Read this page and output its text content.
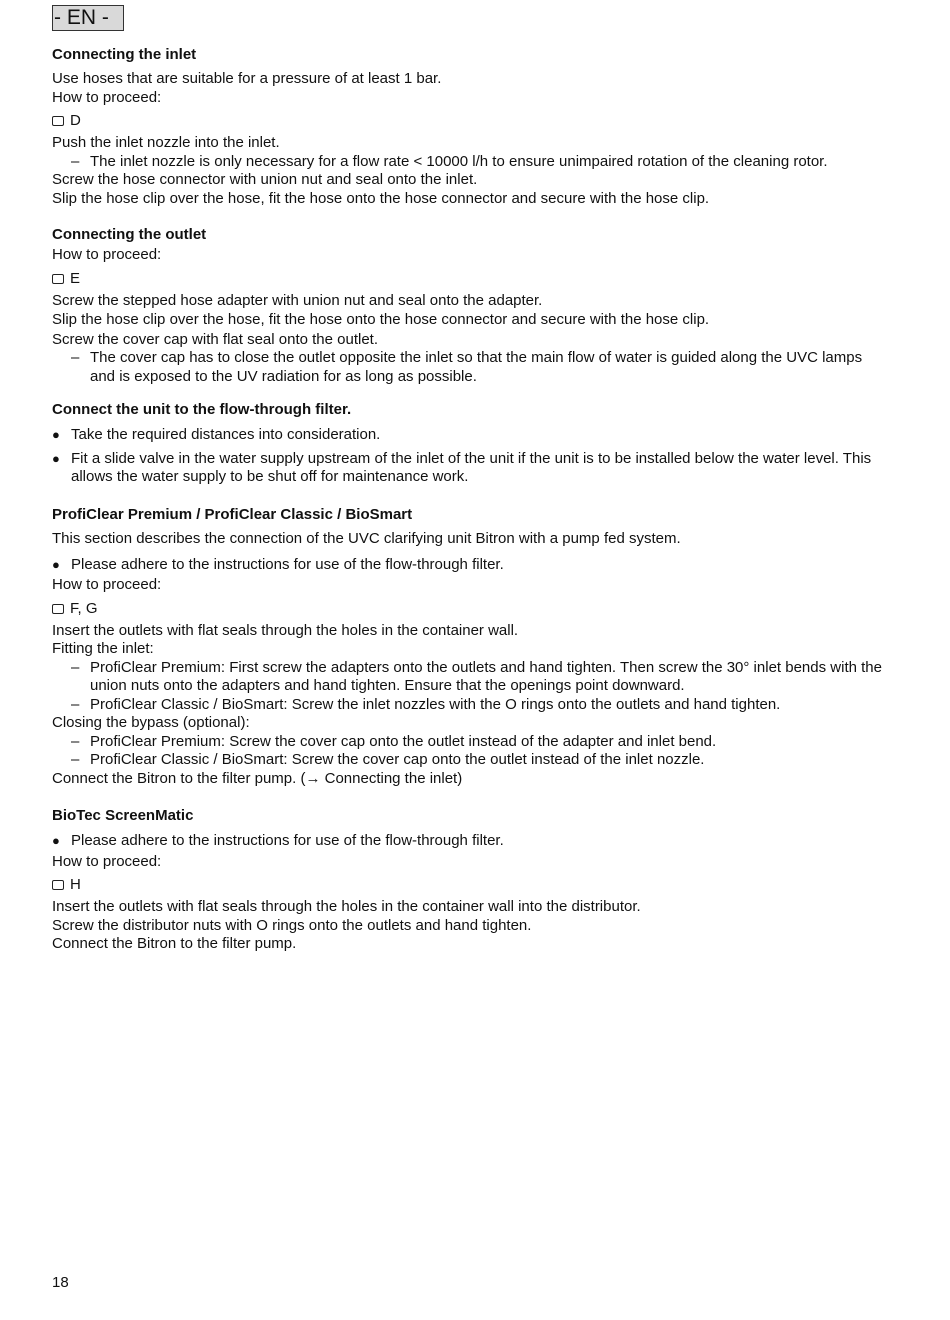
- EN -

Connecting the inlet

Use hoses that are suitable for a pressure of at least 1 bar.

How to proceed:

D

Push the inlet nozzle into the inlet.

– The inlet nozzle is only necessary for a flow rate < 10000 l/h to ensure unimpaired rotation of the cleaning rotor.

Screw the hose connector with union nut and seal onto the inlet.

Slip the hose clip over the hose, fit the hose onto the hose connector and secure with the hose clip.

Connecting the outlet

How to proceed:

E

Screw the stepped hose adapter with union nut and seal onto the adapter.

Slip the hose clip over the hose, fit the hose onto the hose connector and secure with the hose clip.

Screw the cover cap with flat seal onto the outlet.

– The cover cap has to close the outlet opposite the inlet so that the main flow of water is guided along the UVC lamps and is exposed to the UV radiation for as long as possible.

Connect the unit to the flow-through filter.

● Take the required distances into consideration.
● Fit a slide valve in the water supply upstream of the inlet of the unit if the unit is to be installed below the water level. This allows the water supply to be shut off for maintenance work.

ProfiClear Premium / ProfiClear Classic / BioSmart

This section describes the connection of the UVC clarifying unit Bitron with a pump fed system.

● Please adhere to the instructions for use of the flow-through filter.

How to proceed:

F, G

Insert the outlets with flat seals through the holes in the container wall.

Fitting the inlet:

– ProfiClear Premium: First screw the adapters onto the outlets and hand tighten. Then screw the 30° inlet bends with the union nuts onto the adapters and hand tighten. Ensure that the openings point downward.
– ProfiClear Classic / BioSmart: Screw the inlet nozzles with the O rings onto the outlets and hand tighten.

Closing the bypass (optional):

– ProfiClear Premium: Screw the cover cap onto the outlet instead of the adapter and inlet bend.
– ProfiClear Classic / BioSmart: Screw the cover cap onto the outlet instead of the inlet nozzle.

Connect the Bitron to the filter pump. (→ Connecting the inlet)

BioTec ScreenMatic

● Please adhere to the instructions for use of the flow-through filter.

How to proceed:

H

Insert the outlets with flat seals through the holes in the container wall into the distributor.

Screw the distributor nuts with O rings onto the outlets and hand tighten.

Connect the Bitron to the filter pump.

18
